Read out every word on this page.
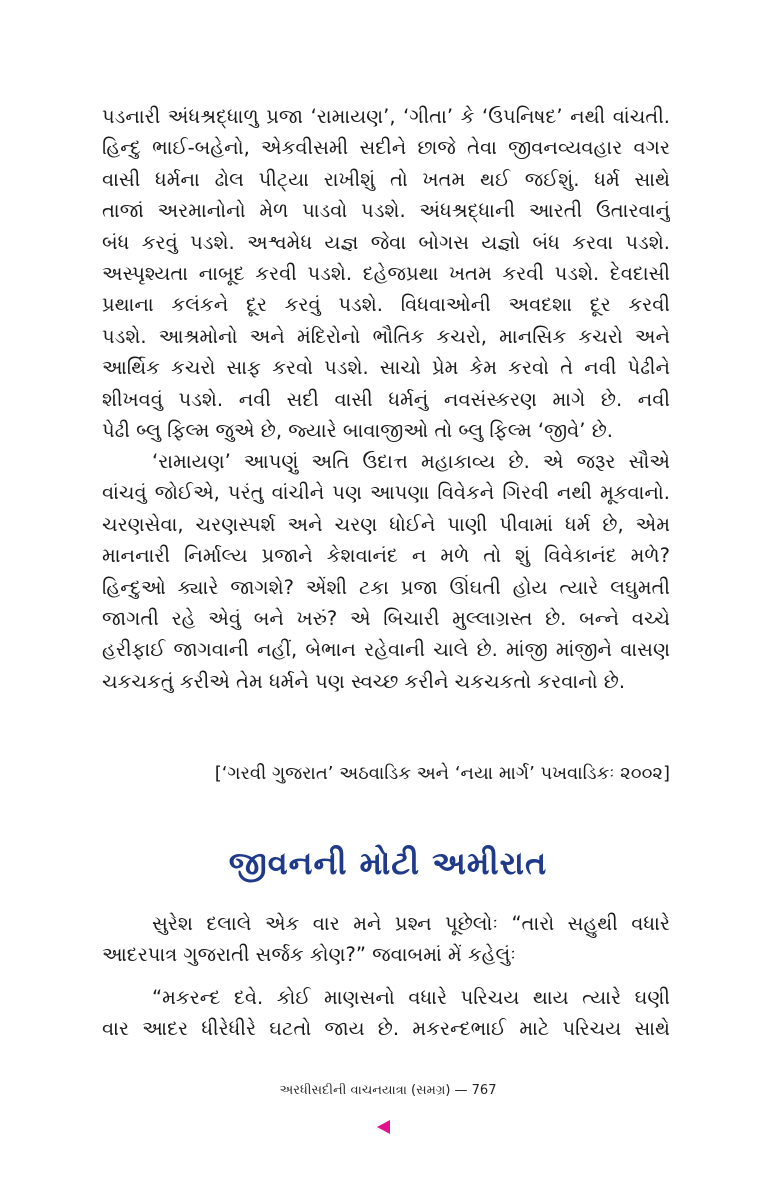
પડનારી અંધશ્રદ્ધાળુ પ્રજા ‘રામાયણ’, ‘ગીતા’ કે ‘ઉપનિષદ’ નથી વાંચતી.
હિન્દુ ભાઈ-બહેનો, એકવીસમી સદીને છાજે તેવા જીવનવ્યવહાર વગર
વાસી ધર્મના ઢોલ પીટ્યા રાખીશું તો ખતમ થઈ જઈશું. ધર્મ સાથે
તાજાં અરમાનોનો મેળ પાડવો પડશે. અંધશ્રદ્ધાની આરતી ઉતારવાનું
બંધ કરવું પડશે. અશ્વમેધ યજ્ઞ જેવા બોગસ યજ્ઞો બંધ કરવા પડશે.
અસ્પૃશ્યતા નાબૂદ કરવી પડશે. દહેજપ્રથા ખતમ કરવી પડશે. દેવદાસી
પ્રથાના કલંકને દૂર કરવું પડશે. વિધવાઓની અવદશા દૂર કરવી
પડશે. આશ્રમોનો અને મંદિરોનો ભૌતિક કચરો, માનસિક કચરો અને
આર્થિક કચરો સાફ કરવો પડશે. સાચો પ્રેમ કેમ કરવો તે નવી પેઢીને
શીખવવું પડશે. નવી સદી વાસી ધર્મનું નવસંસ્કરણ માગે છે. નવી
પેઢી બ્લુ ફિલ્મ જુએ છે, જ્યારે બાવાજીઓ તો બ્લુ ફિલ્મ ‘જીવે’ છે.
‘રામાયણ’ આપણું અતિ ઉદાત્ત મહાકાવ્ય છે. એ જરૂર સૌએ
વાંચવું જોઈએ, પરંતુ વાંચીને પણ આપણા વિવેકને ગિરવી નથી મૂકવાનો.
ચરણસેવા, ચરણસ્પર્શ અને ચરણ ધોઈને પાણી પીવામાં ધર્મ છે, એમ
માનનારી નિર્માલ્ય પ્રજાને કેશવાનંદ ન મળે તો શું વિવેકાનંદ મળે?
હિન્દુઓ ક્યારે જાગશે? એંશી ટકા પ્રજા ઊંઘતી હોય ત્યારે લઘુમતી
જાગતી રહે એવું બને ખરું? એ બિચારી મુલ્લાગ્રસ્ત છે. બન્ને વચ્ચે
હરીફાઈ જાગવાની નહીં, બેભાન રહેવાની ચાલે છે. માંજી માંજીને વાસણ
ચકચકતું કરીએ તેમ ધર્મને પણ સ્વચ્છ કરીને ચકચકતો કરવાનો છે.
[‘ગરવી ગુજરાત’ અઠવાડિક અને ‘નયા માર્ગ’ પખવાડિકઃ ૨૦૦૨]
જીવનની મોટી અમીરાત
સુરેશ દલાલે એક વાર મને પ્રશ્ન પૂછેલોઃ “તારો સહુથી વધારે
આદરપાત્ર ગુજરાતી સર્જક કોણ?” જવાબમાં મેં કહેલુંઃ
“મકરન્દ દવે. કોઈ માણસનો વધારે પરિચય થાય ત્યારે ઘણી
વાર આદર ધીરેધીરે ઘટતો જાય છે. મકરન્દભાઈ માટે પરિચય સાથે
અરધીસદીની વાચનયાત્રા (સમગ્ર) — 767
